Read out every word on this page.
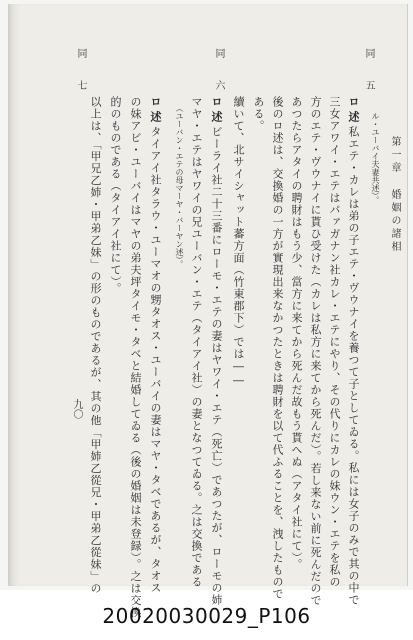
九〇
第一章 婚姻の諸相
同　五
同　六
同　七
ル・ユーバイ夫妻共述）。
ロ述私エテ・カレは弟の子エテ・ヴウナイを養つて子としてゐる。私には女子のみで其の中で
三女アワイ・エテはパァガナン社カレ・エテにやり、その代りにカレの妹ウン・エテを私の
方のエテ・ヴウナイに貰ひ受けた（カレは私方に来てから死んだ）。若し来ない前に死んだので
あつたらアタイの聘財はもう少、當方に来てから死んだ故もう貰へぬ（アタイ社にて）。
後のロ述は、交換婚の一方が實現出来なかつたときは聘財を以て代ふることを、洩したもので
ある。
續いて、北サイシャット蕃方面（竹東郡下）では――
ロ述ビーライ社二十三番にローモ・エテの妻はヤワイ・エテ（死亡）であつたが、ローモの姉
マヤ・エテはヤワイの兄ユーバン・エテ（タイアイ社）の妻となつてゐる。之は交換である
（ユーバン・エテの母マーヤ・バーヤン述）。
ロ述タイアイ社タラウ・ユーマオの甥タオス・ユーバイの妻はマヤ・タベであるが、タオス
の妹アビ・ユーバイはマヤの弟夫坪タイモ・タベと結婚してゐる（後の婚姻は未登録）。之は交換
的のものである（タイアイ社にて）。
以上は、「甲兄乙姉・甲弟乙妹」の形のものであるが、其の他「甲姉乙從兄・甲弟乙從妹」の
20020030029_P106
